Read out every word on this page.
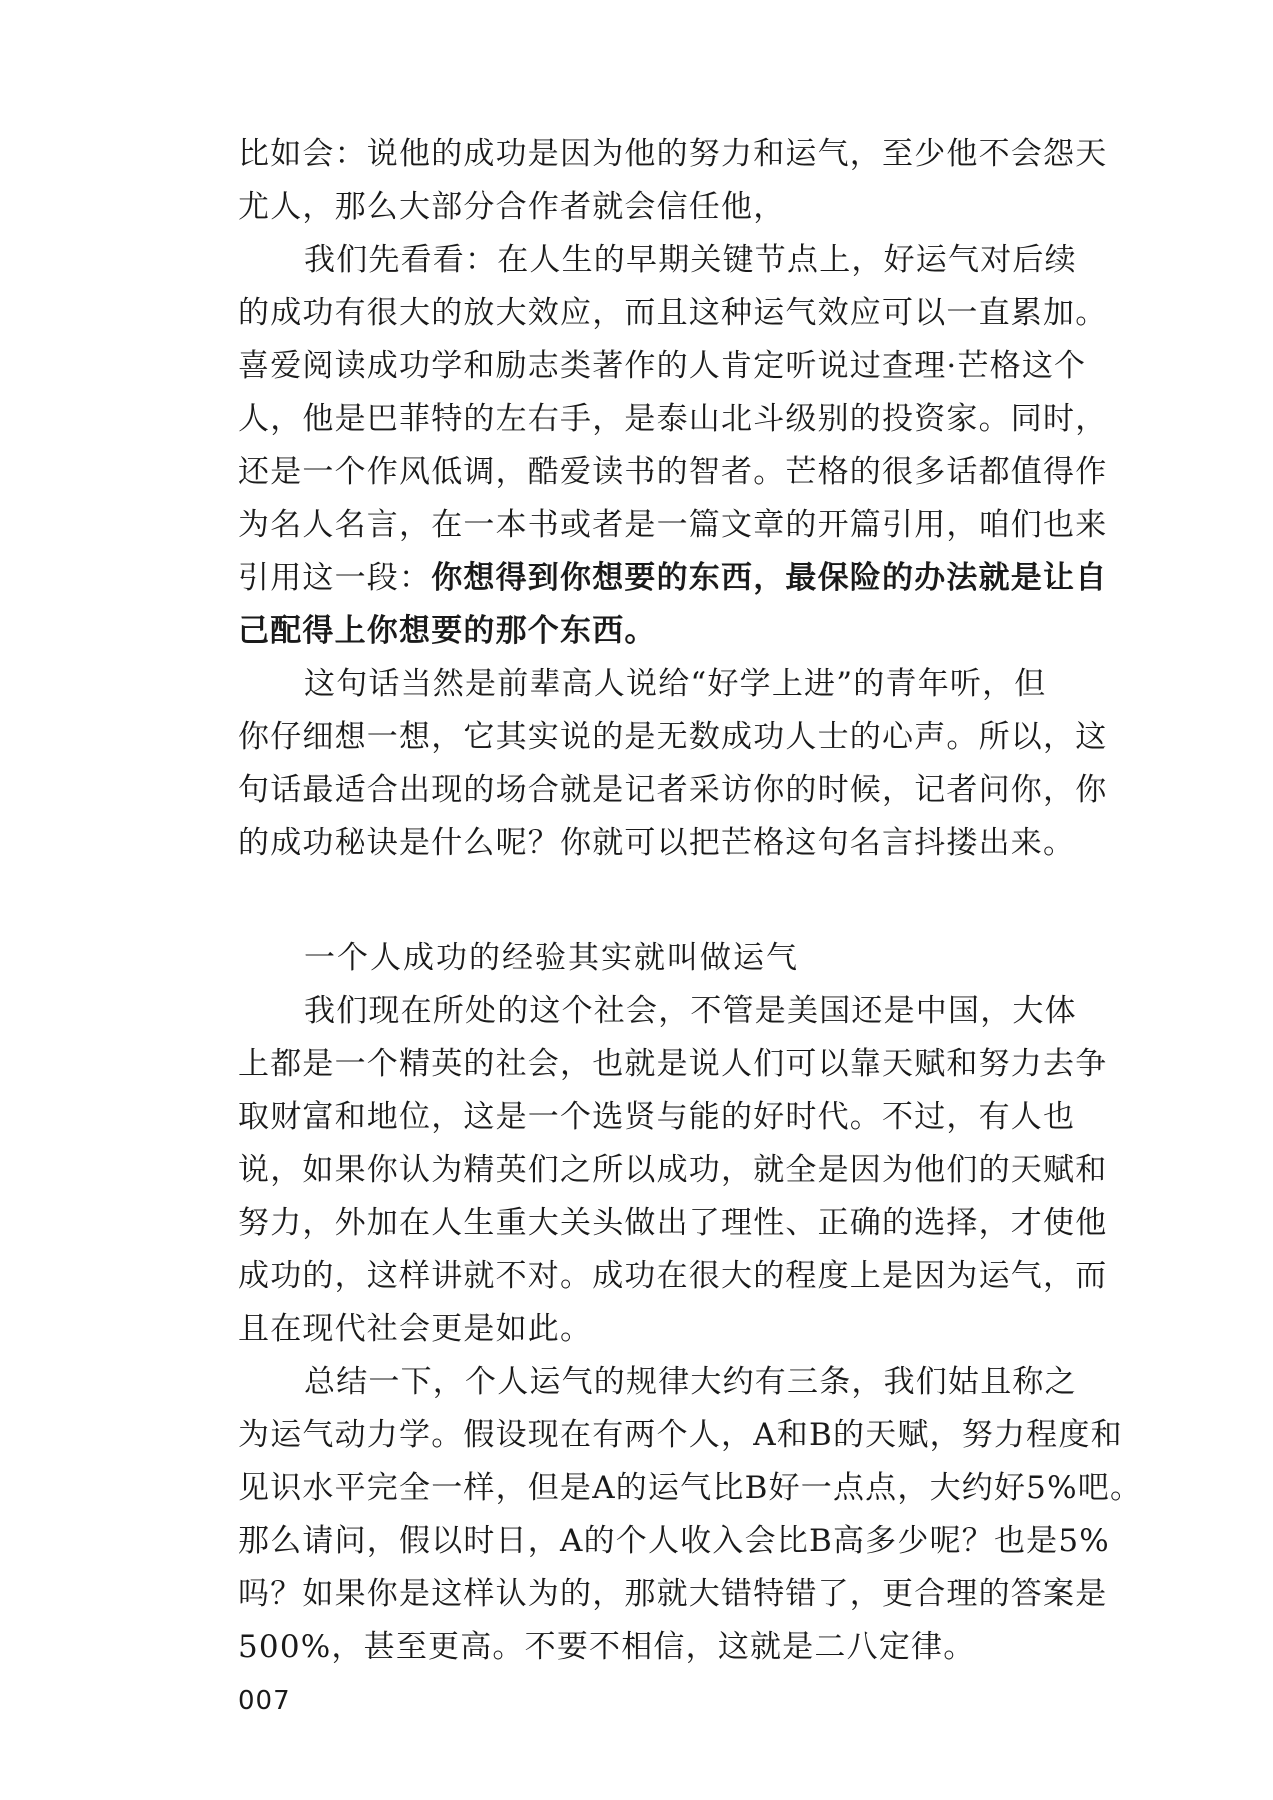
比如会：说他的成功是因为他的努力和运气，至少他不会怨天
尤人，那么大部分合作者就会信任他，

我们先看看：在人生的早期关键节点上，好运气对后续
的成功有很大的放大效应，而且这种运气效应可以一直累加。
喜爱阅读成功学和励志类著作的人肯定听说过查理·芒格这个
人，他是巴菲特的左右手，是泰山北斗级别的投资家。同时，
还是一个作风低调，酷爱读书的智者。芒格的很多话都值得作
为名人名言，在一本书或者是一篇文章的开篇引用，咱们也来
引用这一段：你想得到你想要的东西，最保险的办法就是让自
己配得上你想要的那个东西。

这句话当然是前辈高人说给“好学上进”的青年听，但
你仔细想一想，它其实说的是无数成功人士的心声。所以，这
句话最适合出现的场合就是记者采访你的时候，记者问你，你
的成功秘诀是什么呢？你就可以把芒格这句名言抖搂出来。

一个人成功的经验其实就叫做运气

我们现在所处的这个社会，不管是美国还是中国，大体
上都是一个精英的社会，也就是说人们可以靠天赋和努力去争
取财富和地位，这是一个选贤与能的好时代。不过，有人也
说，如果你认为精英们之所以成功，就全是因为他们的天赋和
努力，外加在人生重大关头做出了理性、正确的选择，才使他
成功的，这样讲就不对。成功在很大的程度上是因为运气，而
且在现代社会更是如此。

总结一下，个人运气的规律大约有三条，我们姑且称之
为运气动力学。假设现在有两个人，A和B的天赋，努力程度和
见识水平完全一样，但是A的运气比B好一点点，大约好5%吧。
那么请问，假以时日，A的个人收入会比B高多少呢？也是5%
吗？如果你是这样认为的，那就大错特错了，更合理的答案是
500%，甚至更高。不要不相信，这就是二八定律。

007
